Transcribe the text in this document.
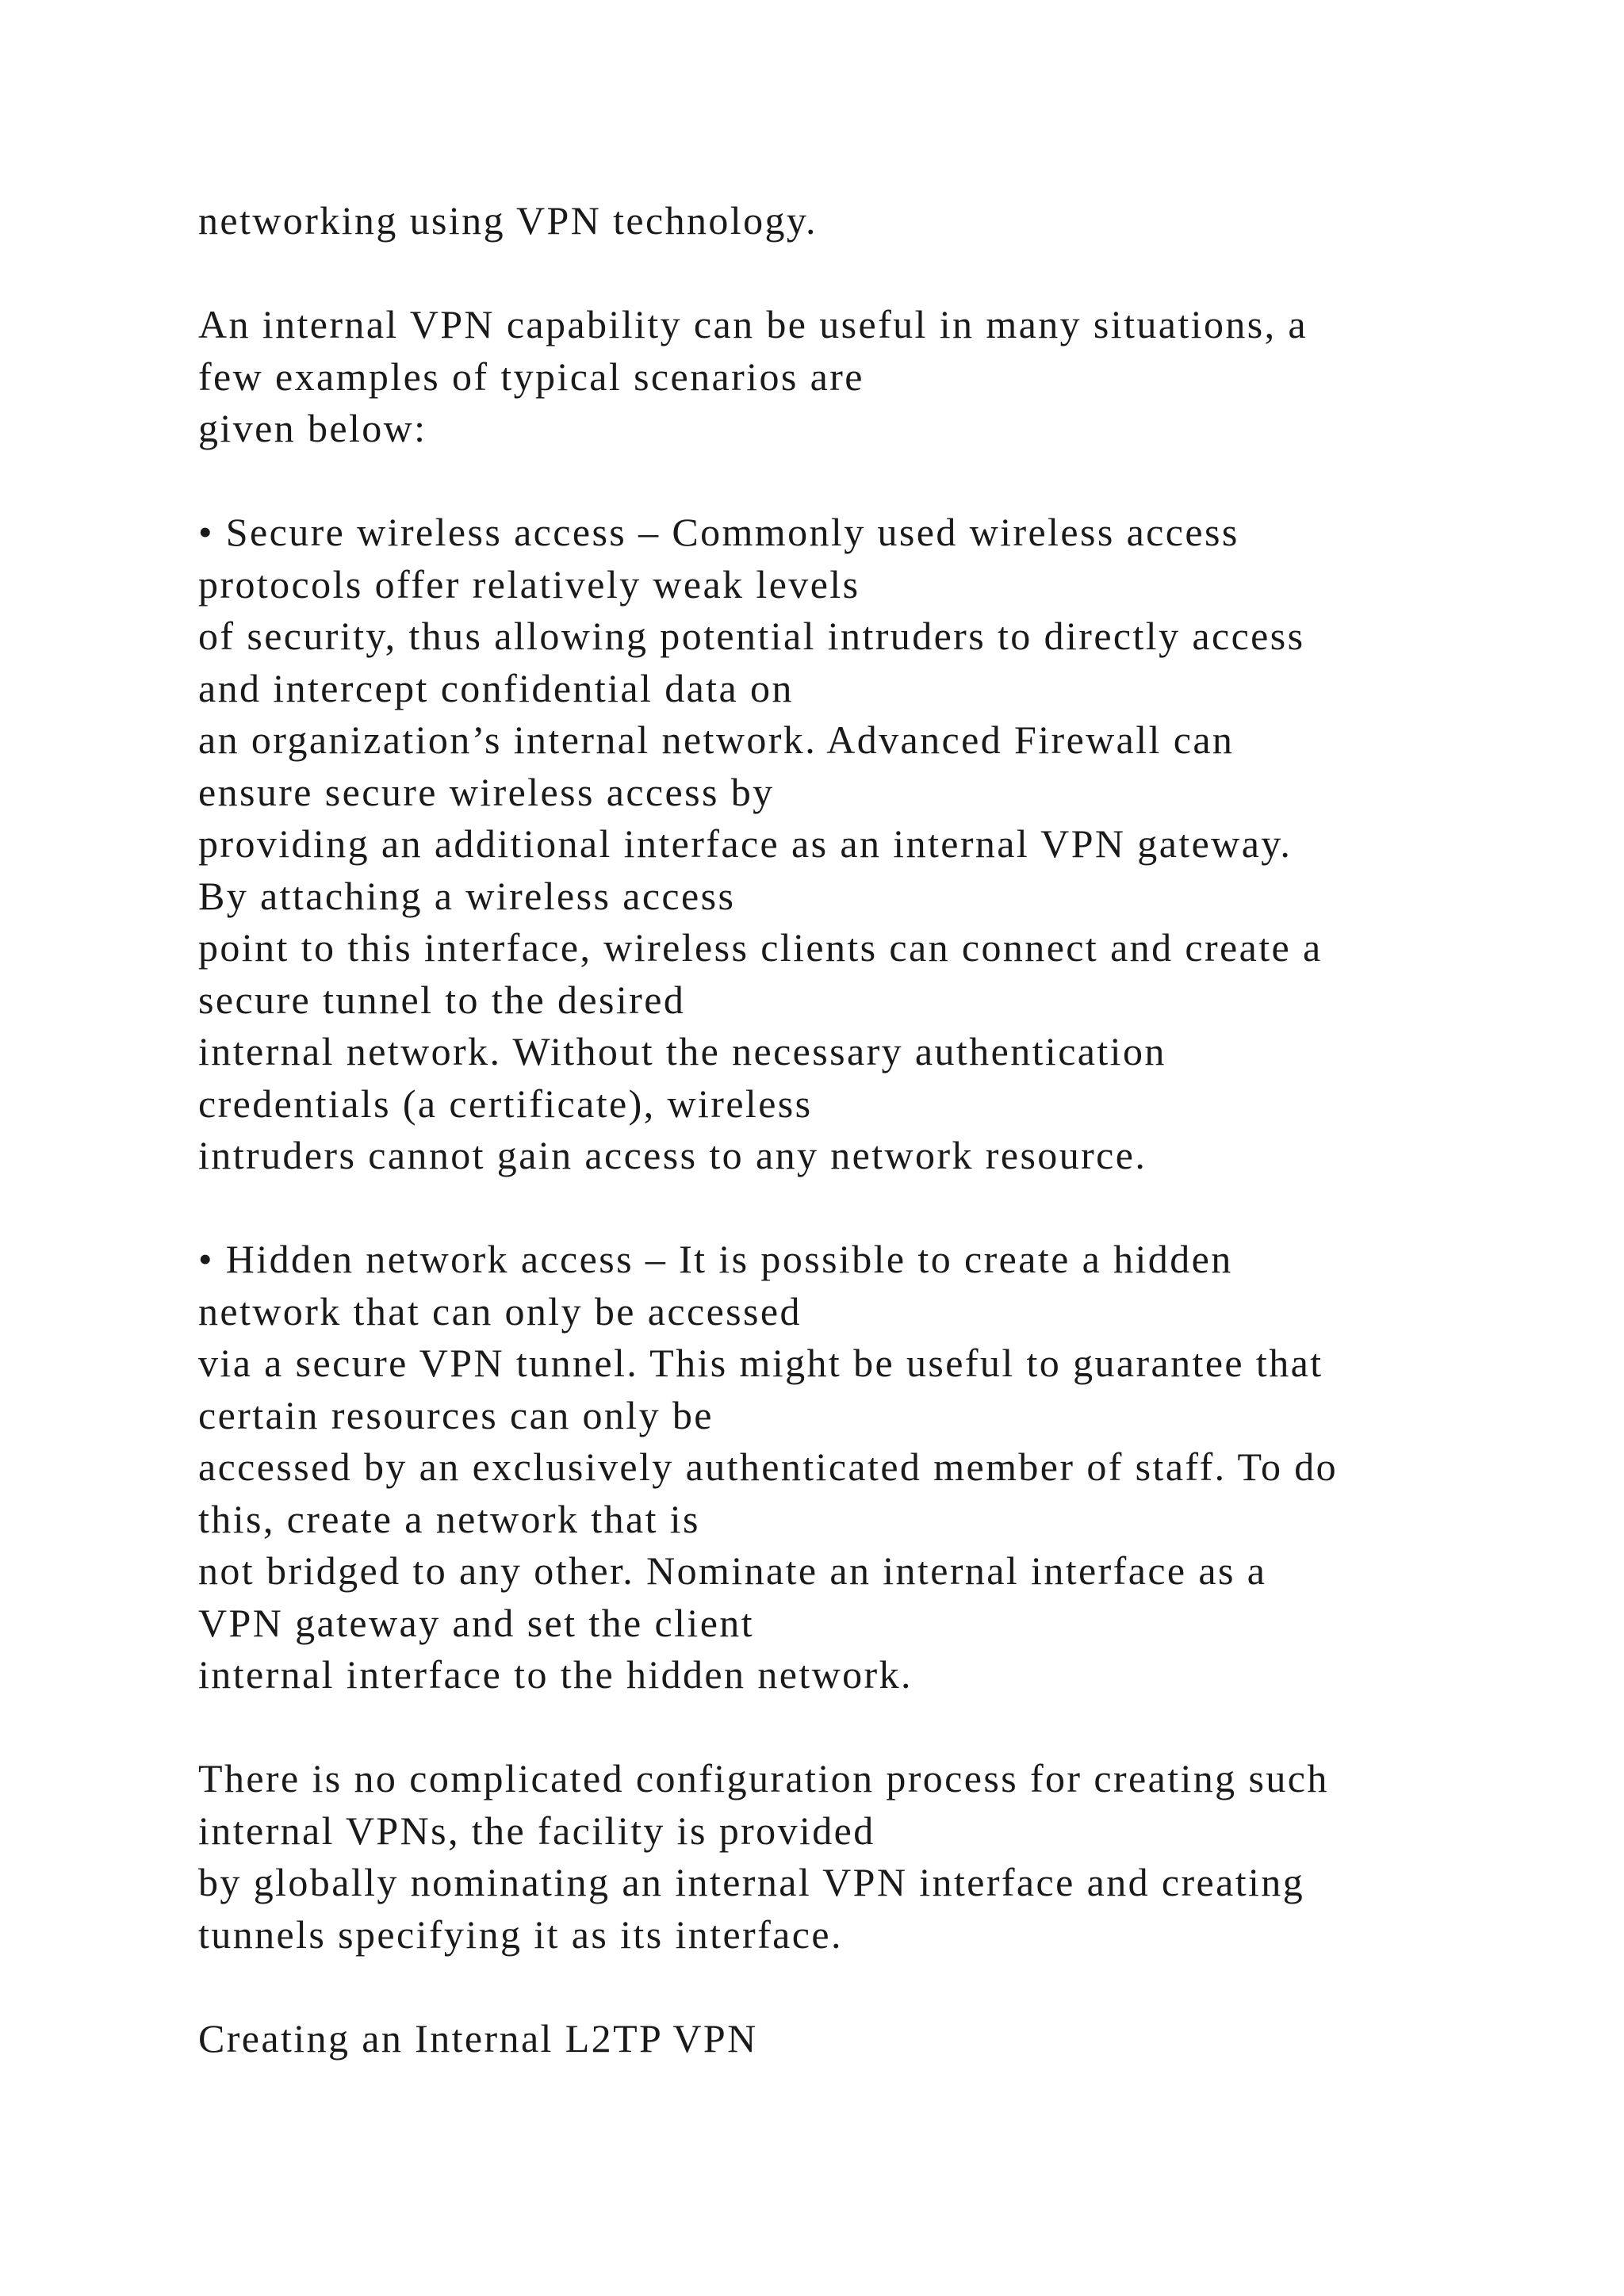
networking using VPN technology.
An internal VPN capability can be useful in many situations, a
few examples of typical scenarios are
given below:
• Secure wireless access – Commonly used wireless access
protocols offer relatively weak levels
of security, thus allowing potential intruders to directly access
and intercept confidential data on
an organization’s internal network. Advanced Firewall can
ensure secure wireless access by
providing an additional interface as an internal VPN gateway.
By attaching a wireless access
point to this interface, wireless clients can connect and create a
secure tunnel to the desired
internal network. Without the necessary authentication
credentials (a certificate), wireless
intruders cannot gain access to any network resource.
• Hidden network access – It is possible to create a hidden
network that can only be accessed
via a secure VPN tunnel. This might be useful to guarantee that
certain resources can only be
accessed by an exclusively authenticated member of staff. To do
this, create a network that is
not bridged to any other. Nominate an internal interface as a
VPN gateway and set the client
internal interface to the hidden network.
There is no complicated configuration process for creating such
internal VPNs, the facility is provided
by globally nominating an internal VPN interface and creating
tunnels specifying it as its interface.
Creating an Internal L2TP VPN
